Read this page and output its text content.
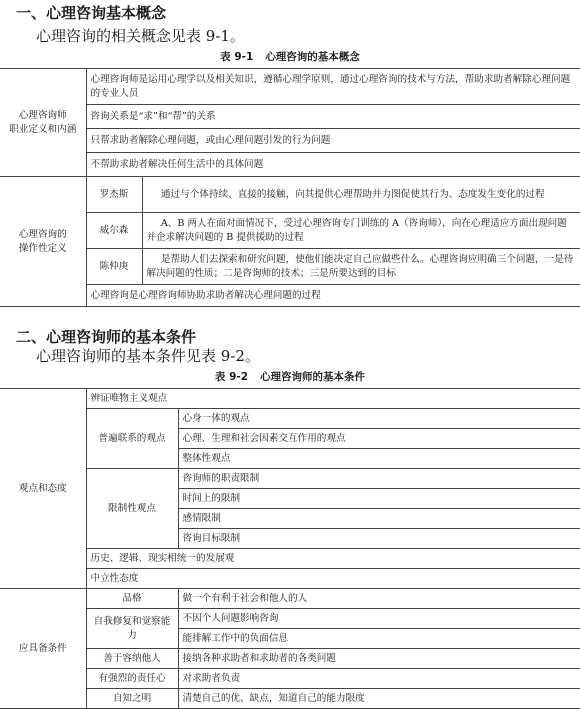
一、心理咨询基本概念
心理咨询的相关概念见表 9-1。
表 9-1 心理咨询的基本概念
心理咨询师
职业定义和内涵	心理咨询师是运用心理学以及相关知识，遵循心理学原则，通过心理咨询的技术与方法，帮助求助者解除心理问题的专业人员	
	咨询关系是“求”和“帮”的关系	
	只帮求助者解除心理问题，或由心理问题引发的行为问题	
	不帮助求助者解决任何生活中的具体问题	

心理咨询的
操作性定义	罗杰斯	通过与个体持续、直接的接触，向其提供心理帮助并力图促使其行为、态度发生变化的过程
	威尔森	A、B 两人在面对面情况下，受过心理咨询专门训练的 A（咨询师），向在心理适应方面出现问题并企求解决问题的 B 提供援助的过程
	陈仲庚	是帮助人们去探索和研究问题，使他们能决定自己应做些什么。心理咨询应明确三个问题，一是待解决问题的性质；二是咨询师的技术；三是所要达到的目标
	心理咨询是心理咨询师协助求助者解决心理问题的过程	
二、心理咨询师的基本条件
心理咨询师的基本条件见表 9-2。
表 9-2 心理咨询师的基本条件
观点和态度	辨证唯物主义观点	
	普遍联系的观点	心身一体的观点
		心理、生理和社会因素交互作用的观点
		整体性观点
	限制性观点	咨询师的职责限制
		时间上的限制
		感情限制
		咨询目标限制
	历史、逻辑、现实相统一的发展观	
	中立性态度	

应具备条件	品格	做一个有利于社会和他人的人
	自我修复和觉察能力	不因个人问题影响咨询
		能排解工作中的负面信息
	善于容纳他人	接纳各种求助者和求助者的各类问题
	有强烈的责任心	对求助者负责
	自知之明	清楚自己的优、缺点，知道自己的能力限度
